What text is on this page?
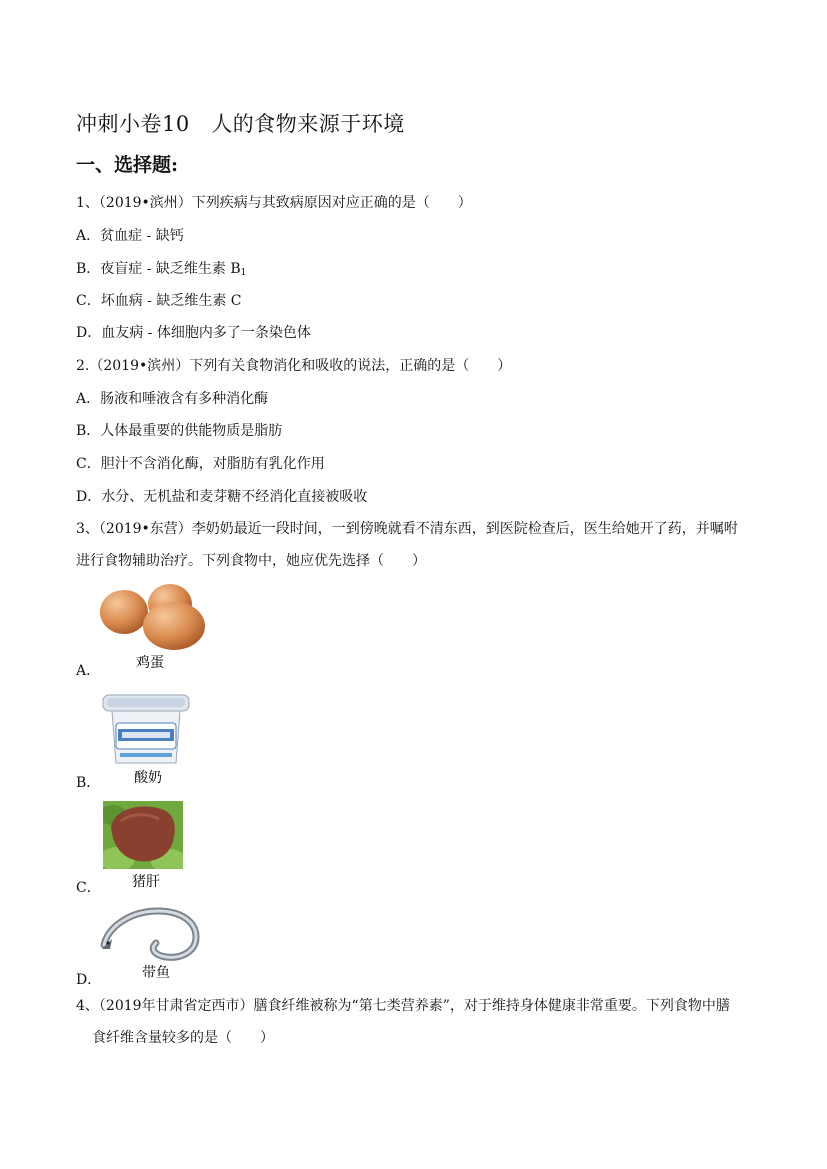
冲刺小卷10　人的食物来源于环境
一、选择题:
1、（2019•滨州）下列疾病与其致病原因对应正确的是（　　）
A．贫血症 - 缺钙
B．夜盲症 - 缺乏维生素 $B_1$
C．坏血病 - 缺乏维生素 C
D．血友病 - 体细胞内多了一条染色体
2.（2019•滨州）下列有关食物消化和吸收的说法，正确的是（　　）
A．肠液和唾液含有多种消化酶
B．人体最重要的供能物质是脂肪
C．胆汁不含消化酶，对脂肪有乳化作用
D．水分、无机盐和麦芽糖不经消化直接被吸收
3、（2019•东营）李奶奶最近一段时间，一到傍晚就看不清东西，到医院检查后，医生给她开了药，并嘱咐
进行食物辅助治疗。下列食物中，她应优先选择（　　）
鸡蛋
A．
酸奶
B．
猪肝
C．
带鱼
D．
4、（2019年甘肃省定西市）膳食纤维被称为“第七类营养素”，对于维持身体健康非常重要。下列食物中膳
食纤维含量较多的是（　　）
